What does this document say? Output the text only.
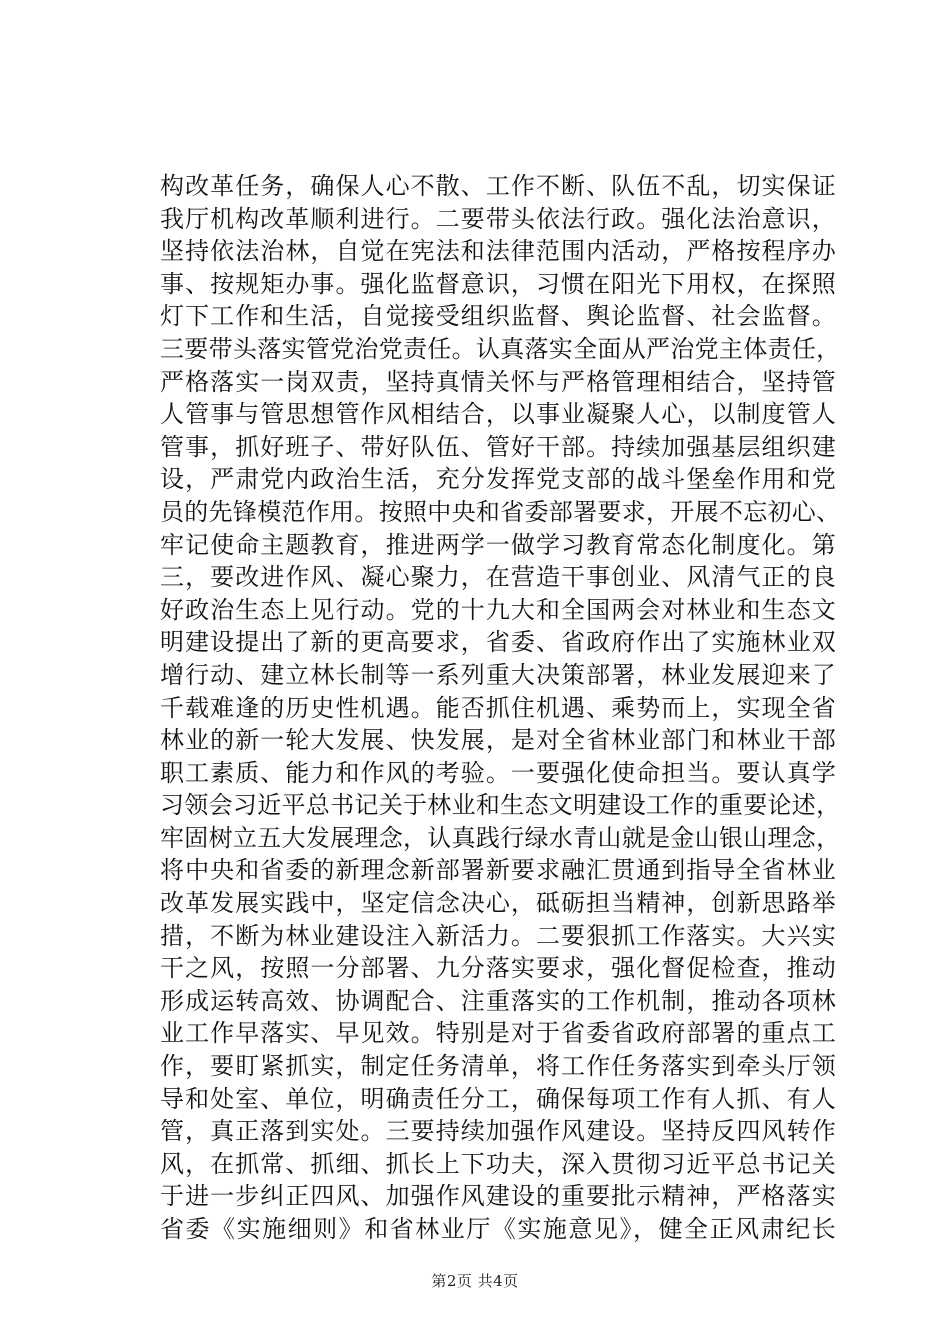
构改革任务，确保人心不散、工作不断、队伍不乱，切实保证
我厅机构改革顺利进行。二要带头依法行政。强化法治意识，
坚持依法治林，自觉在宪法和法律范围内活动，严格按程序办
事、按规矩办事。强化监督意识，习惯在阳光下用权，在探照
灯下工作和生活，自觉接受组织监督、舆论监督、社会监督。
三要带头落实管党治党责任。认真落实全面从严治党主体责任，
严格落实一岗双责，坚持真情关怀与严格管理相结合，坚持管
人管事与管思想管作风相结合，以事业凝聚人心，以制度管人
管事，抓好班子、带好队伍、管好干部。持续加强基层组织建
设，严肃党内政治生活，充分发挥党支部的战斗堡垒作用和党
员的先锋模范作用。按照中央和省委部署要求，开展不忘初心、
牢记使命主题教育，推进两学一做学习教育常态化制度化。第
三，要改进作风、凝心聚力，在营造干事创业、风清气正的良
好政治生态上见行动。党的十九大和全国两会对林业和生态文
明建设提出了新的更高要求，省委、省政府作出了实施林业双
增行动、建立林长制等一系列重大决策部署，林业发展迎来了
千载难逢的历史性机遇。能否抓住机遇、乘势而上，实现全省
林业的新一轮大发展、快发展，是对全省林业部门和林业干部
职工素质、能力和作风的考验。一要强化使命担当。要认真学
习领会习近平总书记关于林业和生态文明建设工作的重要论述，
牢固树立五大发展理念，认真践行绿水青山就是金山银山理念，
将中央和省委的新理念新部署新要求融汇贯通到指导全省林业
改革发展实践中，坚定信念决心，砥砺担当精神，创新思路举
措，不断为林业建设注入新活力。二要狠抓工作落实。大兴实
干之风，按照一分部署、九分落实要求，强化督促检查，推动
形成运转高效、协调配合、注重落实的工作机制，推动各项林
业工作早落实、早见效。特别是对于省委省政府部署的重点工
作，要盯紧抓实，制定任务清单，将工作任务落实到牵头厅领
导和处室、单位，明确责任分工，确保每项工作有人抓、有人
管，真正落到实处。三要持续加强作风建设。坚持反四风转作
风，在抓常、抓细、抓长上下功夫，深入贯彻习近平总书记关
于进一步纠正四风、加强作风建设的重要批示精神，严格落实
省委《实施细则》和省林业厅《实施意见》，健全正风肃纪长
第2页 共4页
